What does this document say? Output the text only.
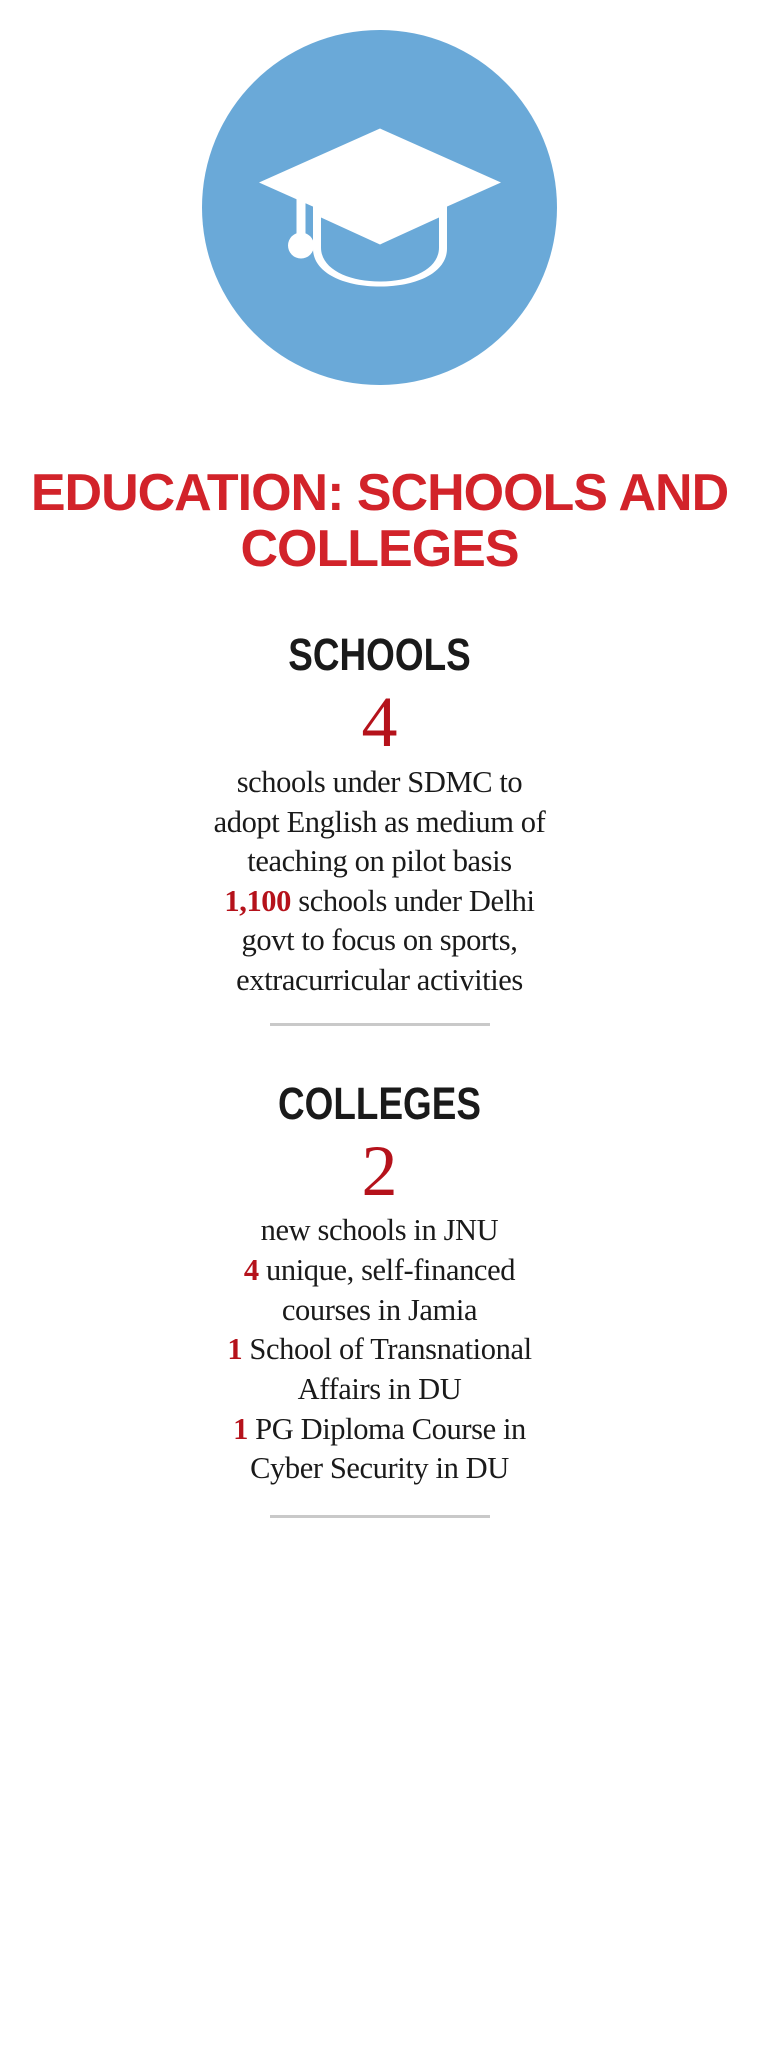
EDUCATION: SCHOOLS AND COLLEGES
SCHOOLS
4
schools under SDMC to
adopt English as medium of
teaching on pilot basis
1,100 schools under Delhi
govt to focus on sports,
extracurricular activities
COLLEGES
2
new schools in JNU
4 unique, self-financed
courses in Jamia
1 School of Transnational
Affairs in DU
1 PG Diploma Course in
Cyber Security in DU
